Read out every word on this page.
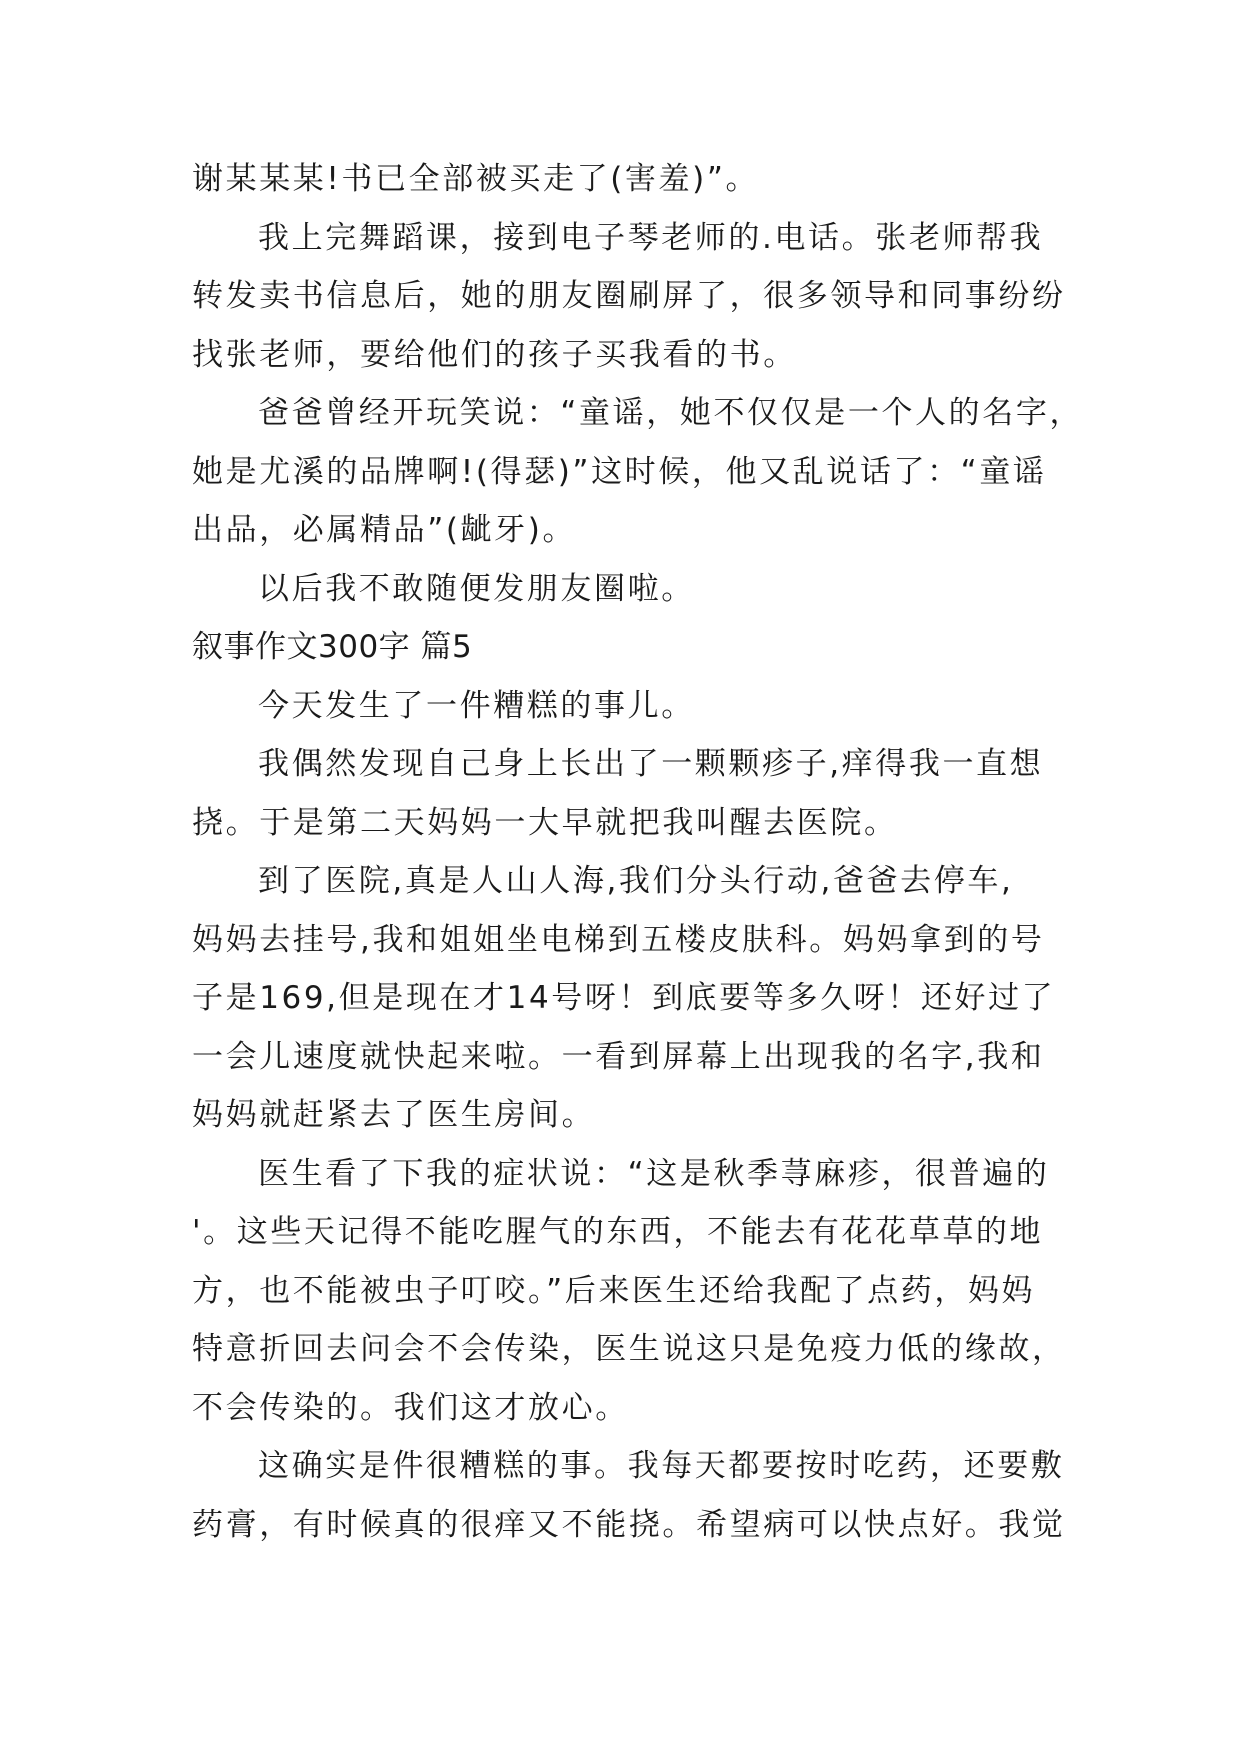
谢某某某!书已全部被买走了(害羞)”。
我上完舞蹈课，接到电子琴老师的.电话。张老师帮我
转发卖书信息后，她的朋友圈刷屏了，很多领导和同事纷纷
找张老师，要给他们的孩子买我看的书。
爸爸曾经开玩笑说：“童谣，她不仅仅是一个人的名字，
她是尤溪的品牌啊!(得瑟)”这时候，他又乱说话了：“童谣
出品，必属精品”(龇牙)。
以后我不敢随便发朋友圈啦。
叙事作文300字 篇5
今天发生了一件糟糕的事儿。
我偶然发现自己身上长出了一颗颗疹子,痒得我一直想
挠。于是第二天妈妈一大早就把我叫醒去医院。
到了医院,真是人山人海,我们分头行动,爸爸去停车,
妈妈去挂号,我和姐姐坐电梯到五楼皮肤科。妈妈拿到的号
子是169,但是现在才14号呀！到底要等多久呀！还好过了
一会儿速度就快起来啦。一看到屏幕上出现我的名字,我和
妈妈就赶紧去了医生房间。
医生看了下我的症状说：“这是秋季荨麻疹，很普遍的
'。这些天记得不能吃腥气的东西，不能去有花花草草的地
方，也不能被虫子叮咬。”后来医生还给我配了点药，妈妈
特意折回去问会不会传染，医生说这只是免疫力低的缘故，
不会传染的。我们这才放心。
这确实是件很糟糕的事。我每天都要按时吃药，还要敷
药膏，有时候真的很痒又不能挠。希望病可以快点好。我觉
